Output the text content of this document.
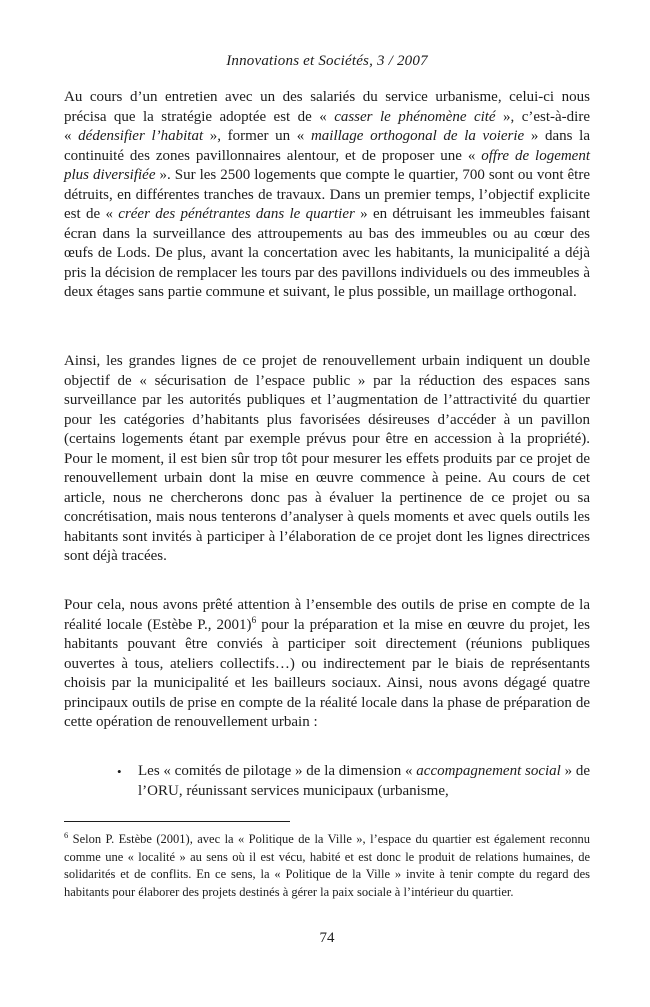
Innovations et Sociétés, 3 / 2007

Au cours d’un entretien avec un des salariés du service urbanisme, celui-ci nous précisa que la stratégie adoptée est de « casser le phénomène cité », c’est-à-dire « dédensifier l’habitat », former un « maillage orthogonal de la voierie » dans la continuité des zones pavillonnaires alentour, et de proposer une « offre de logement plus diversifiée ». Sur les 2500 logements que compte le quartier, 700 sont ou vont être détruits, en différentes tranches de travaux. Dans un premier temps, l’objectif explicite est de « créer des pénétrantes dans le quartier » en détruisant les immeubles faisant écran dans la surveillance des attroupements au bas des immeubles ou au cœur des œufs de Lods. De plus, avant la concertation avec les habitants, la municipalité a déjà pris la décision de remplacer les tours par des pavillons individuels ou des immeubles à deux étages sans partie commune et suivant, le plus possible, un maillage orthogonal.

Ainsi, les grandes lignes de ce projet de renouvellement urbain indiquent un double objectif de « sécurisation de l’espace public » par la réduction des espaces sans surveillance par les autorités publiques et l’augmentation de l’attractivité du quartier pour les catégories d’habitants plus favorisées désireuses d’accéder à un pavillon (certains logements étant par exemple prévus pour être en accession à la propriété). Pour le moment, il est bien sûr trop tôt pour mesurer les effets produits par ce projet de renouvellement urbain dont la mise en œuvre commence à peine. Au cours de cet article, nous ne chercherons donc pas à évaluer la pertinence de ce projet ou sa concrétisation, mais nous tenterons d’analyser à quels moments et avec quels outils les habitants sont invités à participer à l’élaboration de ce projet dont les lignes directrices sont déjà tracées.

Pour cela, nous avons prêté attention à l’ensemble des outils de prise en compte de la réalité locale (Estèbe P., 2001)$^6$ pour la préparation et la mise en œuvre du projet, les habitants pouvant être conviés à participer soit directement (réunions publiques ouvertes à tous, ateliers collectifs…) ou indirectement par le biais de représentants choisis par la municipalité et les bailleurs sociaux. Ainsi, nous avons dégagé quatre principaux outils de prise en compte de la réalité locale dans la phase de préparation de cette opération de renouvellement urbain :

•	Les « comités de pilotage » de la dimension « accompagnement social » de l’ORU, réunissant services municipaux (urbanisme,

$^6$ Selon P. Estèbe (2001), avec la « Politique de la Ville », l’espace du quartier est également reconnu comme une « localité » au sens où il est vécu, habité et est donc le produit de relations humaines, de solidarités et de conflits. En ce sens, la « Politique de la Ville » invite à tenir compte du regard des habitants pour élaborer des projets destinés à gérer la paix sociale à l’intérieur du quartier.

74
